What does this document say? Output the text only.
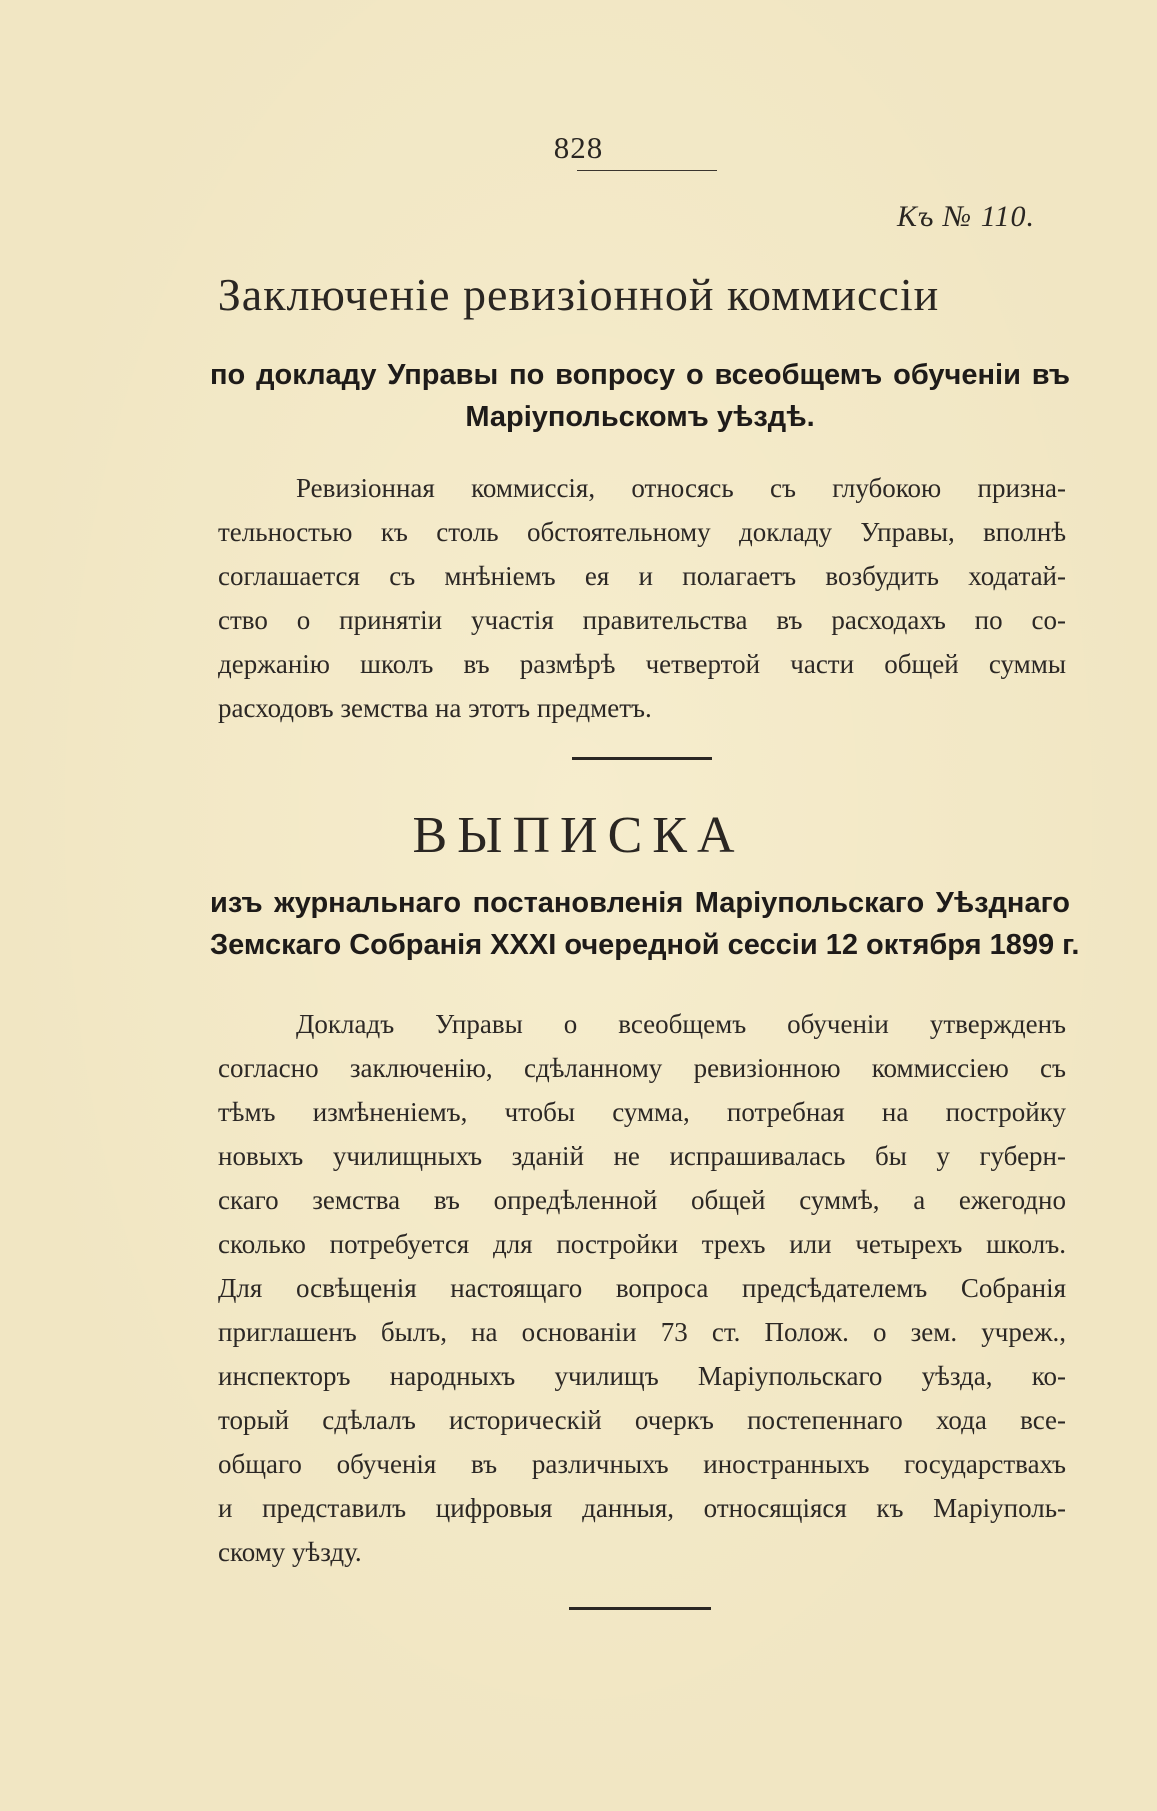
828
Къ № 110.
Заключеніе ревизіонной коммиссіи
по докладу Управы по вопросу о всеобщемъ обученіи въ
Маріупольскомъ уѣздѣ.
Ревизіонная коммиссія, относясь съ глубокою призна-
тельностью къ столь обстоятельному докладу Управы, вполнѣ
соглашается съ мнѣніемъ ея и полагаетъ возбудить ходатай-
ство о принятіи участія правительства въ расходахъ по со-
держанію школъ въ размѣрѣ четвертой части общей суммы
расходовъ земства на этотъ предметъ.
ВЫПИСКА
изъ журнальнаго постановленія Маріупольскаго Уѣзднаго
Земскаго Собранія XXXI очередной сессіи 12 октября 1899 г.
Докладъ Управы о всеобщемъ обученіи утвержденъ
согласно заключенію, сдѣланному ревизіонною коммиссіею съ
тѣмъ измѣненіемъ, чтобы сумма, потребная на постройку
новыхъ училищныхъ зданій не испрашивалась бы у губерн-
скаго земства въ опредѣленной общей суммѣ, а ежегодно
сколько потребуется для постройки трехъ или четырехъ школъ.
Для освѣщенія настоящаго вопроса предсѣдателемъ Собранія
приглашенъ былъ, на основаніи 73 ст. Полож. о зем. учреж.,
инспекторъ народныхъ училищъ Маріупольскаго уѣзда, ко-
торый сдѣлалъ историческій очеркъ постепеннаго хода все-
общаго обученія въ различныхъ иностранныхъ государствахъ
и представилъ цифровыя данныя, относящіяся къ Маріуполь-
скому уѣзду.
